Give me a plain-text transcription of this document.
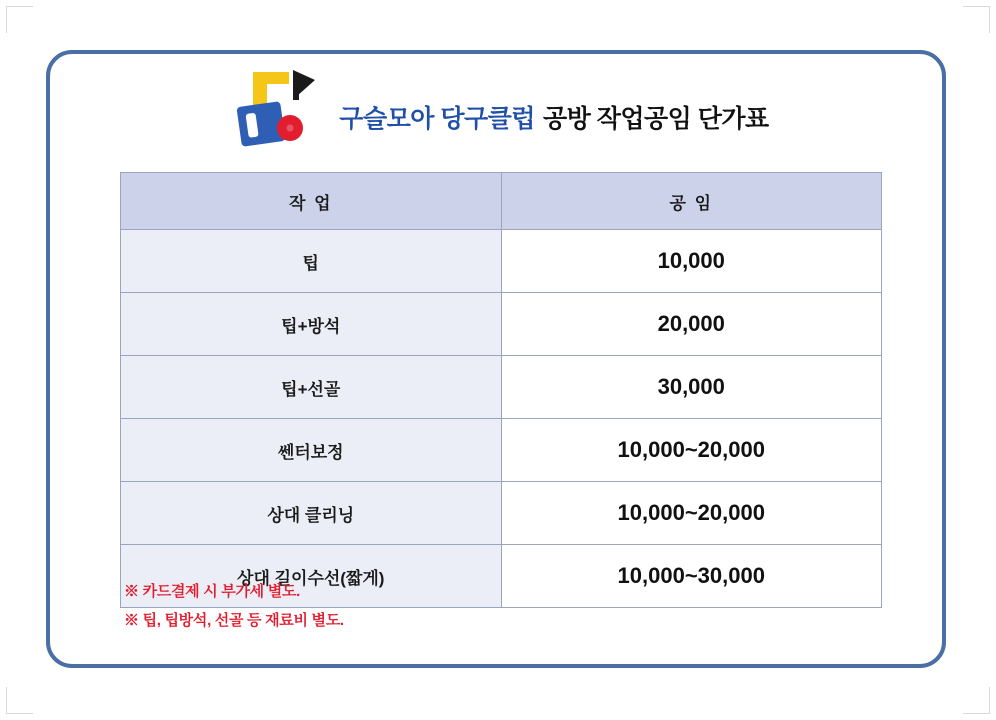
구슬모아 당구클럽 공방 작업공임 단가표
작 업	공 임
팁	10,000
팁+방석	20,000
팁+선골	30,000
쎈터보정	10,000~20,000
상대 클리닝	10,000~20,000
상대 길이수선(짧게)	10,000~30,000
※ 카드결제 시 부가세 별도.
※ 팁, 팁방석, 선골 등 재료비 별도.
